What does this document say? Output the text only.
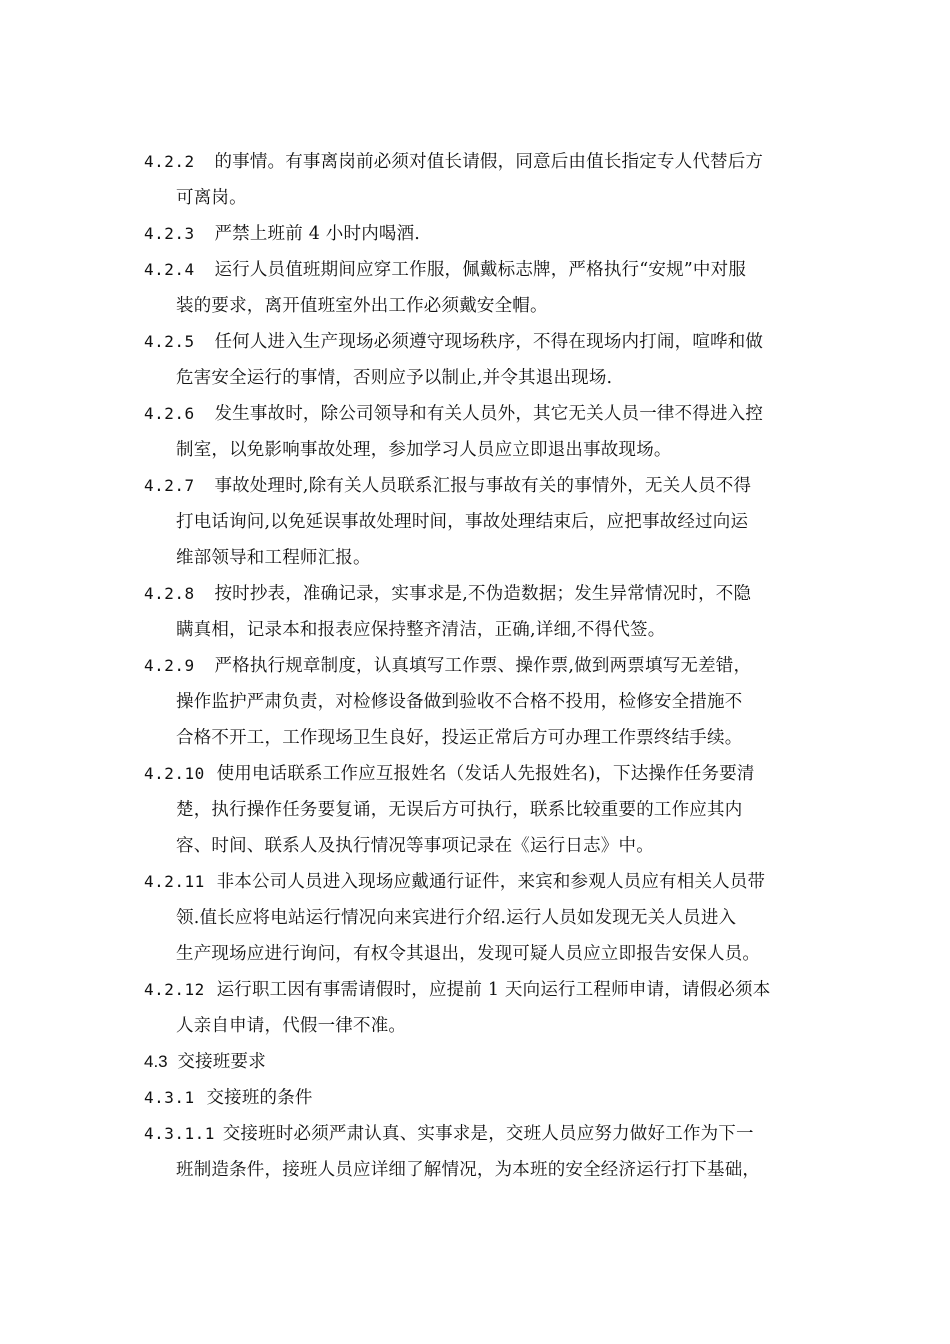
4.2.2 的事情。有事离岗前必须对值长请假，同意后由值长指定专人代替后方
可离岗。
4.2.3 严禁上班前 4 小时内喝酒.
4.2.4 运行人员值班期间应穿工作服，佩戴标志牌，严格执行“安规”中对服
装的要求，离开值班室外出工作必须戴安全帽。
4.2.5 任何人进入生产现场必须遵守现场秩序，不得在现场内打闹，喧哗和做
危害安全运行的事情，否则应予以制止,并令其退出现场.
4.2.6 发生事故时，除公司领导和有关人员外，其它无关人员一律不得进入控
制室，以免影响事故处理，参加学习人员应立即退出事故现场。
4.2.7 事故处理时,除有关人员联系汇报与事故有关的事情外，无关人员不得
打电话询问,以免延误事故处理时间，事故处理结束后，应把事故经过向运
维部领导和工程师汇报。
4.2.8 按时抄表，准确记录，实事求是,不伪造数据；发生异常情况时，不隐
瞒真相，记录本和报表应保持整齐清洁，正确,详细,不得代签。
4.2.9 严格执行规章制度，认真填写工作票、操作票,做到两票填写无差错，
操作监护严肃负责，对检修设备做到验收不合格不投用，检修安全措施不
合格不开工，工作现场卫生良好，投运正常后方可办理工作票终结手续。
4.2.10 使用电话联系工作应互报姓名（发话人先报姓名)，下达操作任务要清
楚，执行操作任务要复诵，无误后方可执行，联系比较重要的工作应其内
容、时间、联系人及执行情况等事项记录在《运行日志》中。
4.2.11 非本公司人员进入现场应戴通行证件，来宾和参观人员应有相关人员带
领.值长应将电站运行情况向来宾进行介绍.运行人员如发现无关人员进入
生产现场应进行询问，有权令其退出，发现可疑人员应立即报告安保人员。
4.2.12 运行职工因有事需请假时，应提前 1 天向运行工程师申请，请假必须本
人亲自申请，代假一律不准。
4.3 交接班要求
4.3.1 交接班的条件
4.3.1.1 交接班时必须严肃认真、实事求是，交班人员应努力做好工作为下一
班制造条件，接班人员应详细了解情况，为本班的安全经济运行打下基础，
